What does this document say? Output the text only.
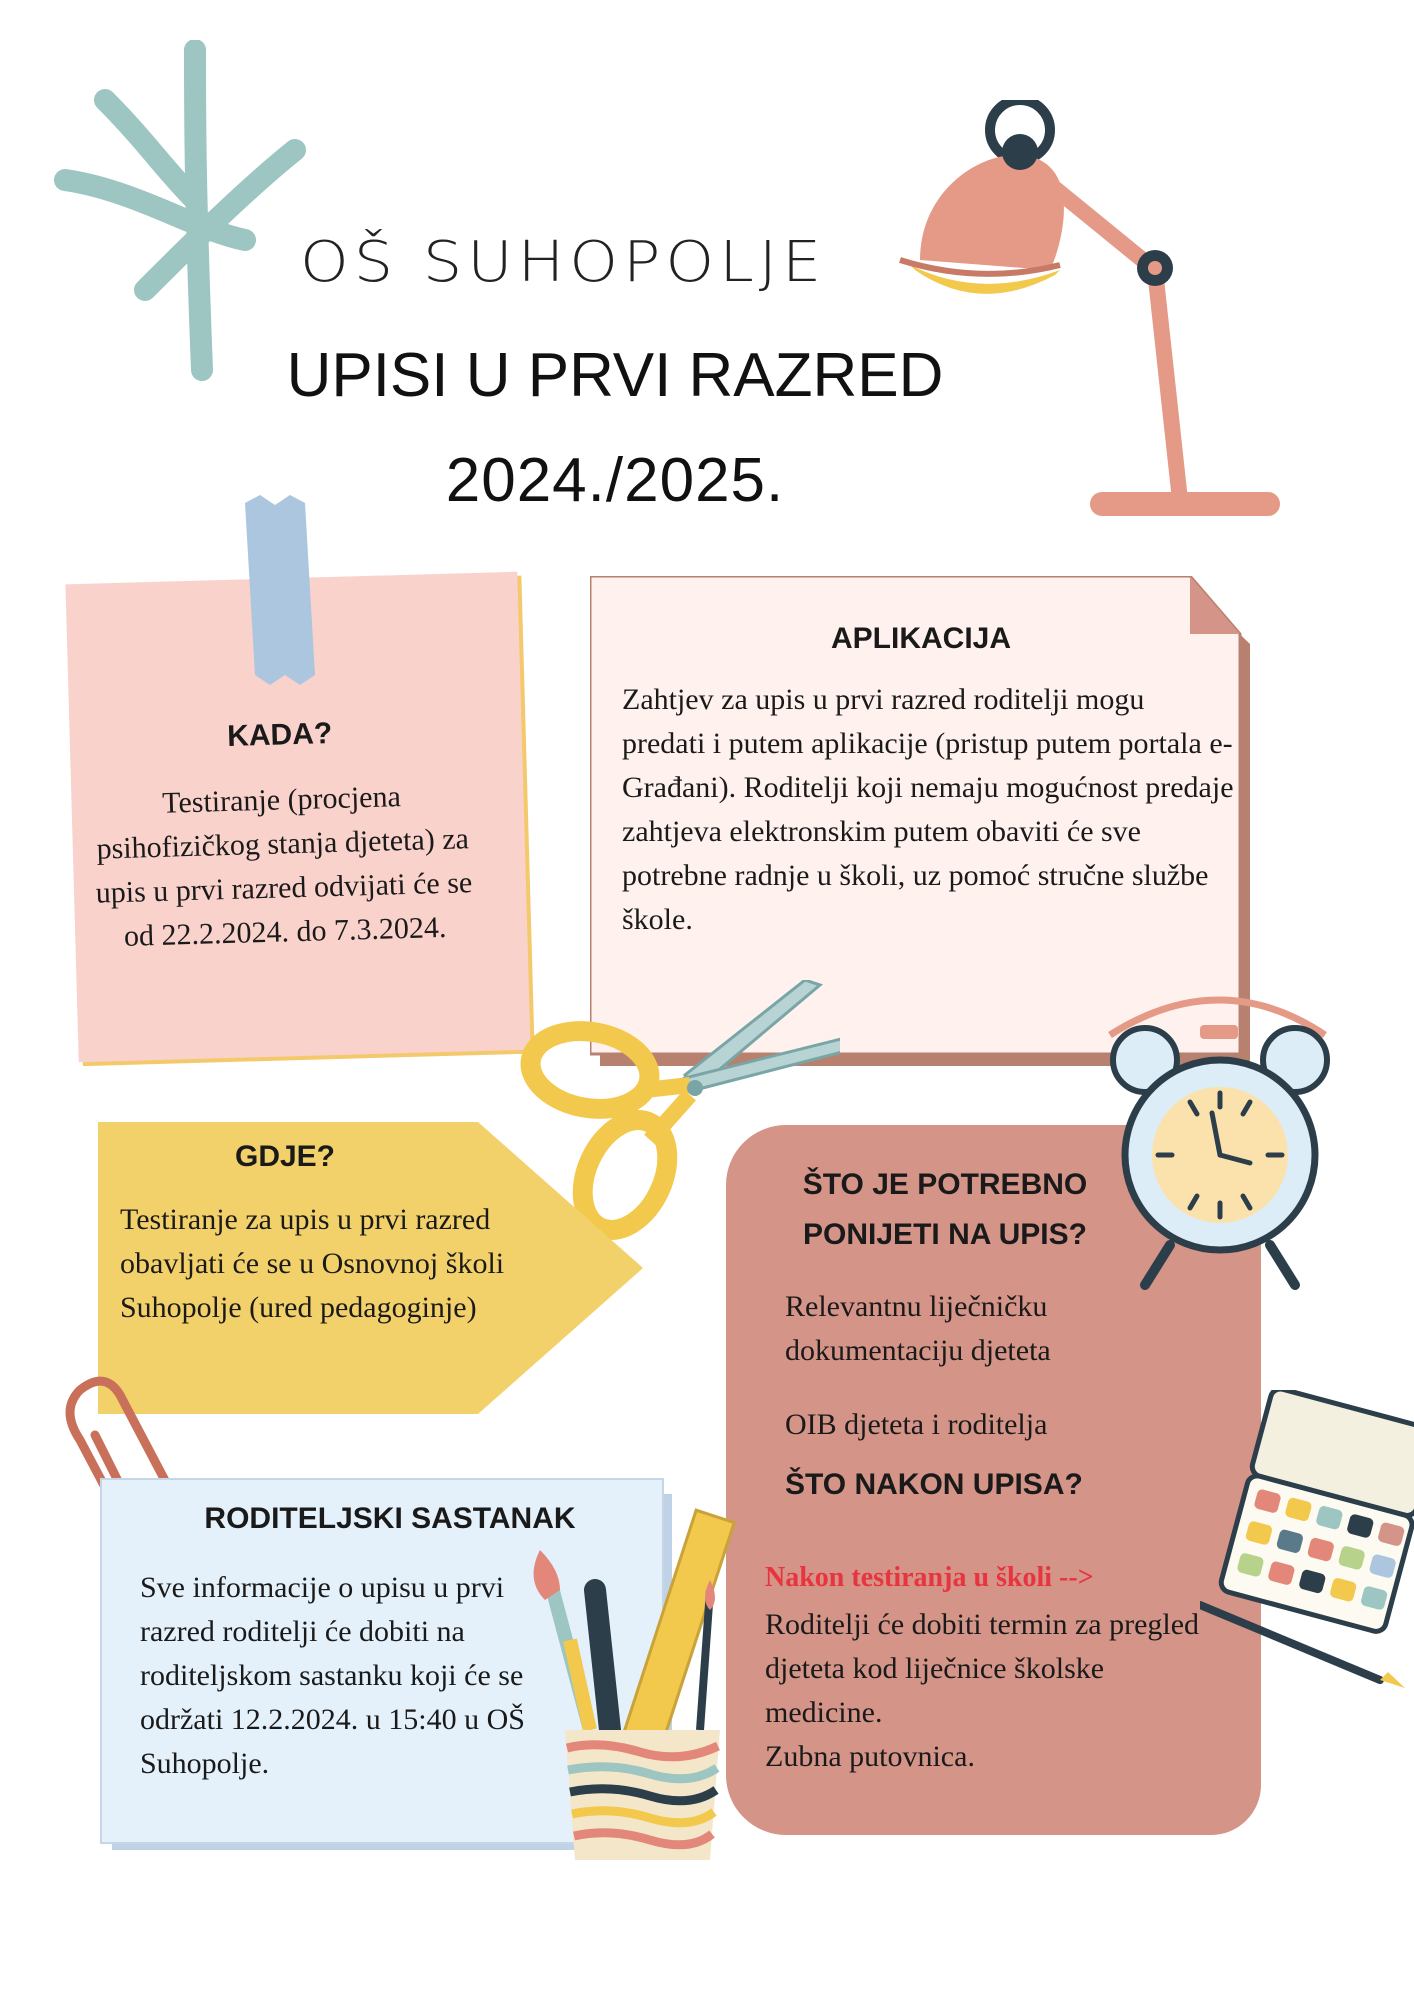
OŠ SUHOPOLJE
UPISI U PRVI RAZRED
2024./2025.
KADA?
Testiranje (procjena psihofizičkog stanja djeteta) za upis u prvi razred odvijati će se od 22.2.2024. do 7.3.2024.
APLIKACIJA
Zahtjev za upis u prvi razred roditelji mogu predati i putem aplikacije (pristup putem portala e-Građani). Roditelji koji nemaju mogućnost predaje zahtjeva elektronskim putem obaviti će sve potrebne radnje u školi, uz pomoć stručne službe škole.
GDJE?
Testiranje za upis u prvi razred obavljati će se u Osnovnoj školi Suhopolje (ured pedagoginje)
ŠTO JE POTREBNO PONIJETI NA UPIS?
Relevantnu liječničku dokumentaciju djeteta
OIB djeteta i roditelja
ŠTO NAKON UPISA?
Nakon testiranja u školi -->
Roditelji će dobiti termin za pregled djeteta kod liječnice školske medicine.
Zubna putovnica.
RODITELJSKI SASTANAK
Sve informacije o upisu u prvi razred roditelji će dobiti na roditeljskom sastanku koji će se održati 12.2.2024. u 15:40 u OŠ Suhopolje.
